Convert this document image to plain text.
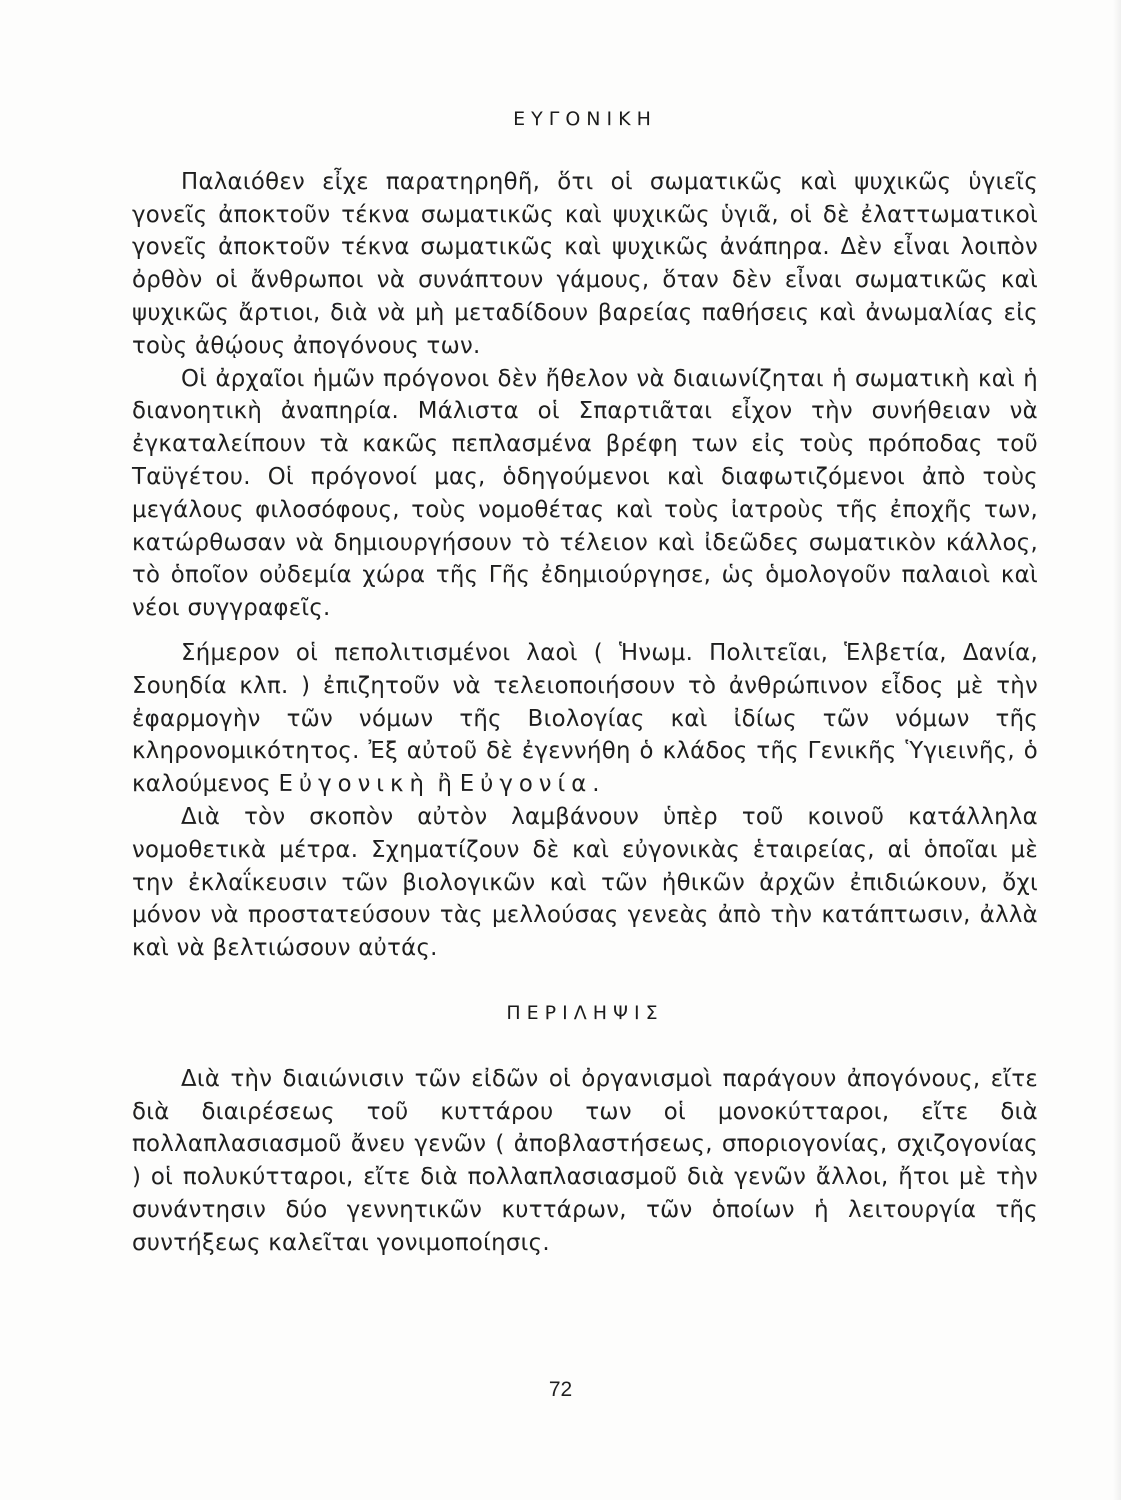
ΕΥΓΟΝΙΚΗ

Παλαιόθεν εἶχε παρατηρηθῆ, ὅτι οἱ σωματικῶς καὶ ψυχικῶς ὑγιεῖς γονεῖς ἀποκτοῦν τέκνα σωματικῶς καὶ ψυχικῶς ὑγιᾶ, οἱ δὲ ἐλαττωματικοὶ γονεῖς ἀποκτοῦν τέκνα σωματικῶς καὶ ψυχικῶς ἀνάπηρα. Δὲν εἶναι λοιπὸν ὀρθὸν οἱ ἄνθρωποι νὰ συνάπτουν γάμους, ὅταν δὲν εἶναι σωματικῶς καὶ ψυχικῶς ἄρτιοι, διὰ νὰ μὴ μεταδίδουν βαρείας παθήσεις καὶ ἀνωμαλίας εἰς τοὺς ἀθῴους ἀπογόνους των.

Οἱ ἀρχαῖοι ἡμῶν πρόγονοι δὲν ἤθελον νὰ διαιωνίζηται ἡ σωματικὴ καὶ ἡ διανοητικὴ ἀναπηρία. Μάλιστα οἱ Σπαρτιᾶται εἶχον τὴν συνήθειαν νὰ ἐγκαταλείπουν τὰ κακῶς πεπλασμένα βρέφη των εἰς τοὺς πρόποδας τοῦ Ταϋγέτου. Οἱ πρόγονοί μας, ὁδηγούμενοι καὶ διαφωτιζόμενοι ἀπὸ τοὺς μεγάλους φιλοσόφους, τοὺς νομοθέτας καὶ τοὺς ἰατροὺς τῆς ἐποχῆς των, κατώρθωσαν νὰ δημιουργήσουν τὸ τέλειον καὶ ἰδεῶδες σωματικὸν κάλλος, τὸ ὁποῖον οὐδεμία χώρα τῆς Γῆς ἐδημιούργησε, ὡς ὁμολογοῦν παλαιοὶ καὶ νέοι συγγραφεῖς.

Σήμερον οἱ πεπολιτισμένοι λαοὶ ( Ἡνωμ. Πολιτεῖαι, Ἑλβετία, Δανία, Σουηδία κλπ. ) ἐπιζητοῦν νὰ τελειοποιήσουν τὸ ἀνθρώπινον εἶδος μὲ τὴν ἐφαρμογὴν τῶν νόμων τῆς Βιολογίας καὶ ἰδίως τῶν νόμων τῆς κληρονομικότητος. Ἐξ αὐτοῦ δὲ ἐγεννήθη ὁ κλάδος τῆς Γενικῆς Ὑγιεινῆς, ὁ καλούμενος Εὐγονικὴ ἢ Εὐγονία.

Διὰ τὸν σκοπὸν αὐτὸν λαμβάνουν ὑπὲρ τοῦ κοινοῦ κατάλληλα νομοθετικὰ μέτρα. Σχηματίζουν δὲ καὶ εὐγονικὰς ἑταιρείας, αἱ ὁποῖαι μὲ την ἐκλαΐκευσιν τῶν βιολογικῶν καὶ τῶν ἠθικῶν ἀρχῶν ἐπιδιώκουν, ὄχι μόνον νὰ προστατεύσουν τὰς μελλούσας γενεὰς ἀπὸ τὴν κατάπτωσιν, ἀλλὰ καὶ νὰ βελτιώσουν αὐτάς.

ΠΕΡΙΛΗΨΙΣ

Διὰ τὴν διαιώνισιν τῶν εἰδῶν οἱ ὀργανισμοὶ παράγουν ἀπογόνους, εἴτε διὰ διαιρέσεως τοῦ κυττάρου των οἱ μονοκύτταροι, εἴτε διὰ πολλαπλασιασμοῦ ἄνευ γενῶν ( ἀποβλαστήσεως, σποριογονίας, σχιζογονίας ) οἱ πολυκύτταροι, εἴτε διὰ πολλαπλασιασμοῦ διὰ γενῶν ἄλλοι, ἤτοι μὲ τὴν συνάντησιν δύο γεννητικῶν κυττάρων, τῶν ὁποίων ἡ λειτουργία τῆς συντήξεως καλεῖται γονιμοποίησις.

72
